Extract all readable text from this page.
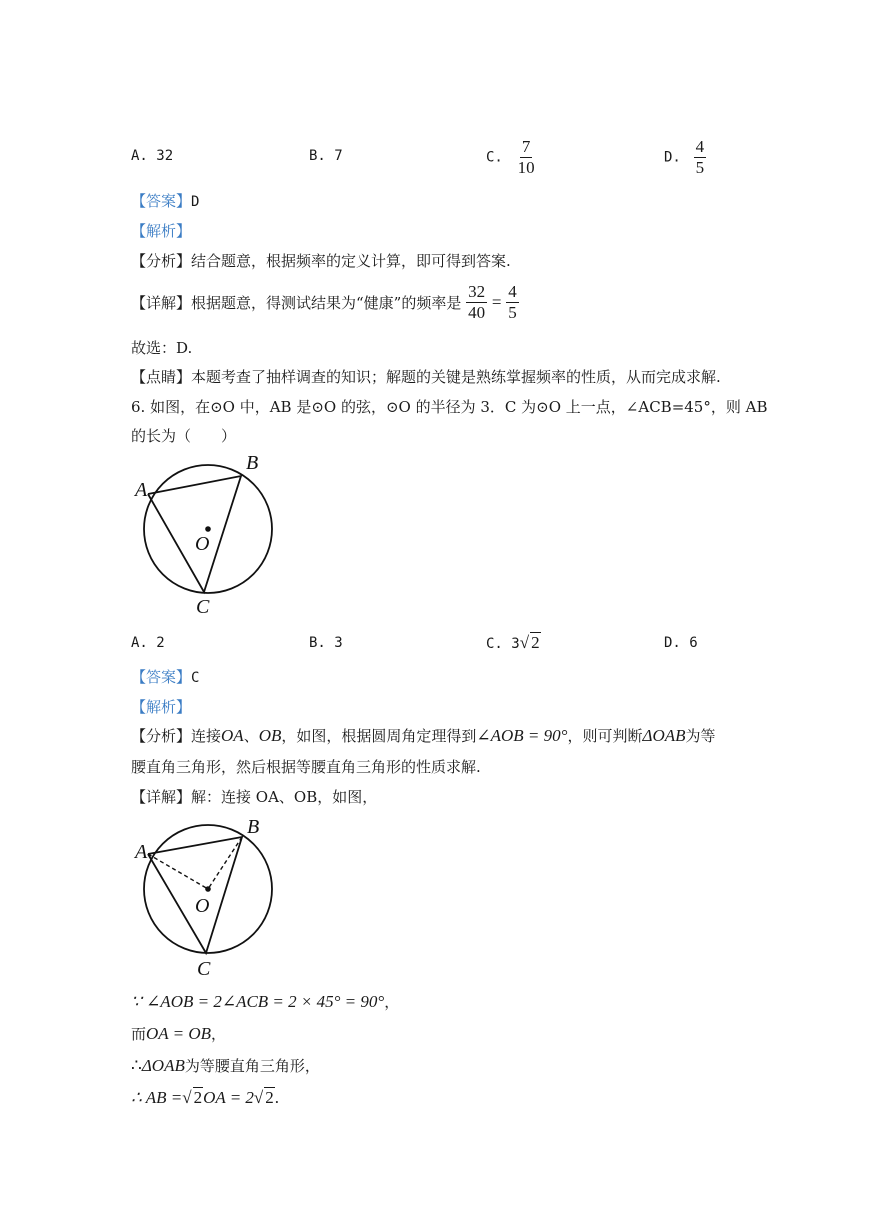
A. 32	B. 7	C. $\frac{7}{10}$	D. $\frac{4}{5}$
【答案】D
【解析】
【分析】结合题意，根据频率的定义计算，即可得到答案.
【详解】根据题意，得测试结果为“健康”的频率是 $\frac{32}{40} = \frac{4}{5}$
故选：D.
【点睛】本题考查了抽样调查的知识；解题的关键是熟练掌握频率的性质，从而完成求解.
6. 如图，在⊙O 中，AB 是⊙O 的弦，⊙O 的半径为 3．C 为⊙O 上一点，∠ACB=45°，则 AB
的长为（　　）
A
B
O
C
A. 2	B. 3	C. 3√ 2	D. 6
【答案】C
【解析】
【分析】连接OA、OB，如图，根据圆周角定理得到∠AOB = 90°，则可判断ΔOAB为等
腰直角三角形，然后根据等腰直角三角形的性质求解.
【详解】解：连接 OA、OB，如图，
A
B
O
C
∵ ∠AOB = 2∠ACB = 2 × 45° = 90°，
而OA = OB，
∴ΔOAB为等腰直角三角形，
∴ AB =√ 2OA = 2√ 2.
